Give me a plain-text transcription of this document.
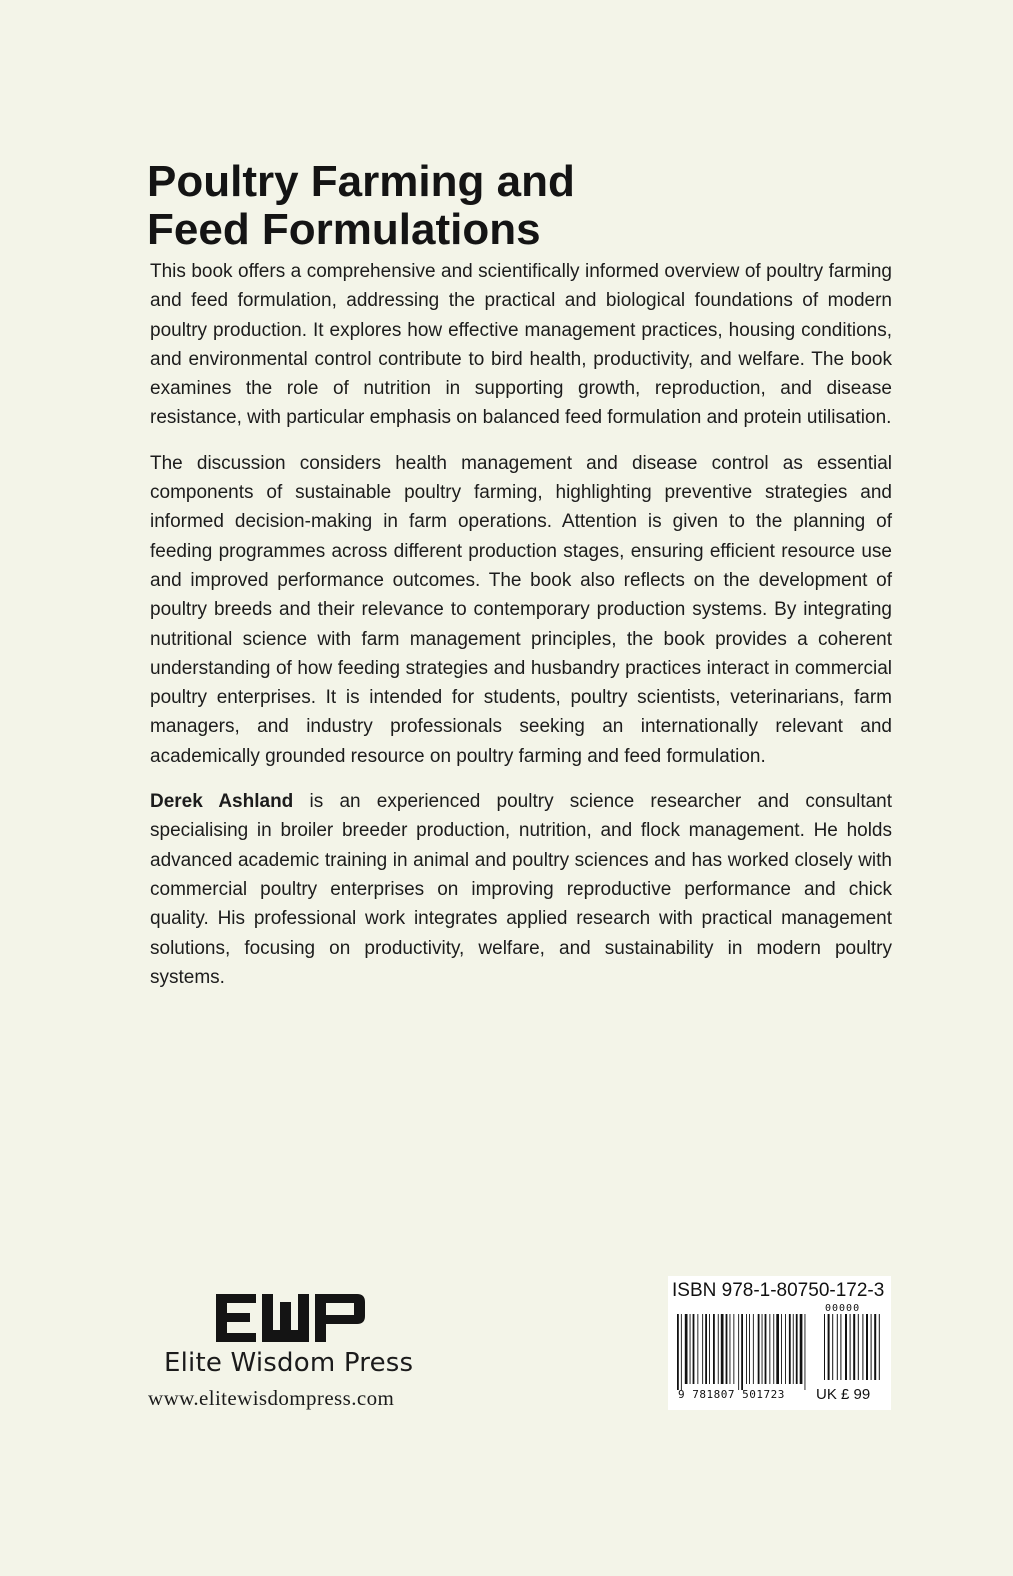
Poultry Farming and
Feed Formulations

This book offers a comprehensive and scientifically informed overview of poultry farming and feed formulation, addressing the practical and biological foundations of modern poultry production. It explores how effective management practices, housing conditions, and environmental control contribute to bird health, productivity, and welfare. The book examines the role of nutrition in supporting growth, reproduction, and disease resistance, with particular emphasis on balanced feed formulation and protein utilisation.

The discussion considers health management and disease control as essential components of sustainable poultry farming, highlighting preventive strategies and informed decision-making in farm operations. Attention is given to the planning of feeding programmes across different production stages, ensuring efficient resource use and improved performance outcomes. The book also reflects on the development of poultry breeds and their relevance to contemporary production systems. By integrating nutritional science with farm management principles, the book provides a coherent understanding of how feeding strategies and husbandry practices interact in commercial poultry enterprises. It is intended for students, poultry scientists, veterinarians, farm managers, and industry professionals seeking an internationally relevant and academically grounded resource on poultry farming and feed formulation.

Derek Ashland is an experienced poultry science researcher and consultant specialising in broiler breeder production, nutrition, and flock management. He holds advanced academic training in animal and poultry sciences and has worked closely with commercial poultry enterprises on improving reproductive performance and chick quality. His professional work integrates applied research with practical management solutions, focusing on productivity, welfare, and sustainability in modern poultry systems.

Elite Wisdom Press
www.elitewisdompress.com
ISBN 978-1-80750-172-3
00000
9 781807 501723 UK £ 99
